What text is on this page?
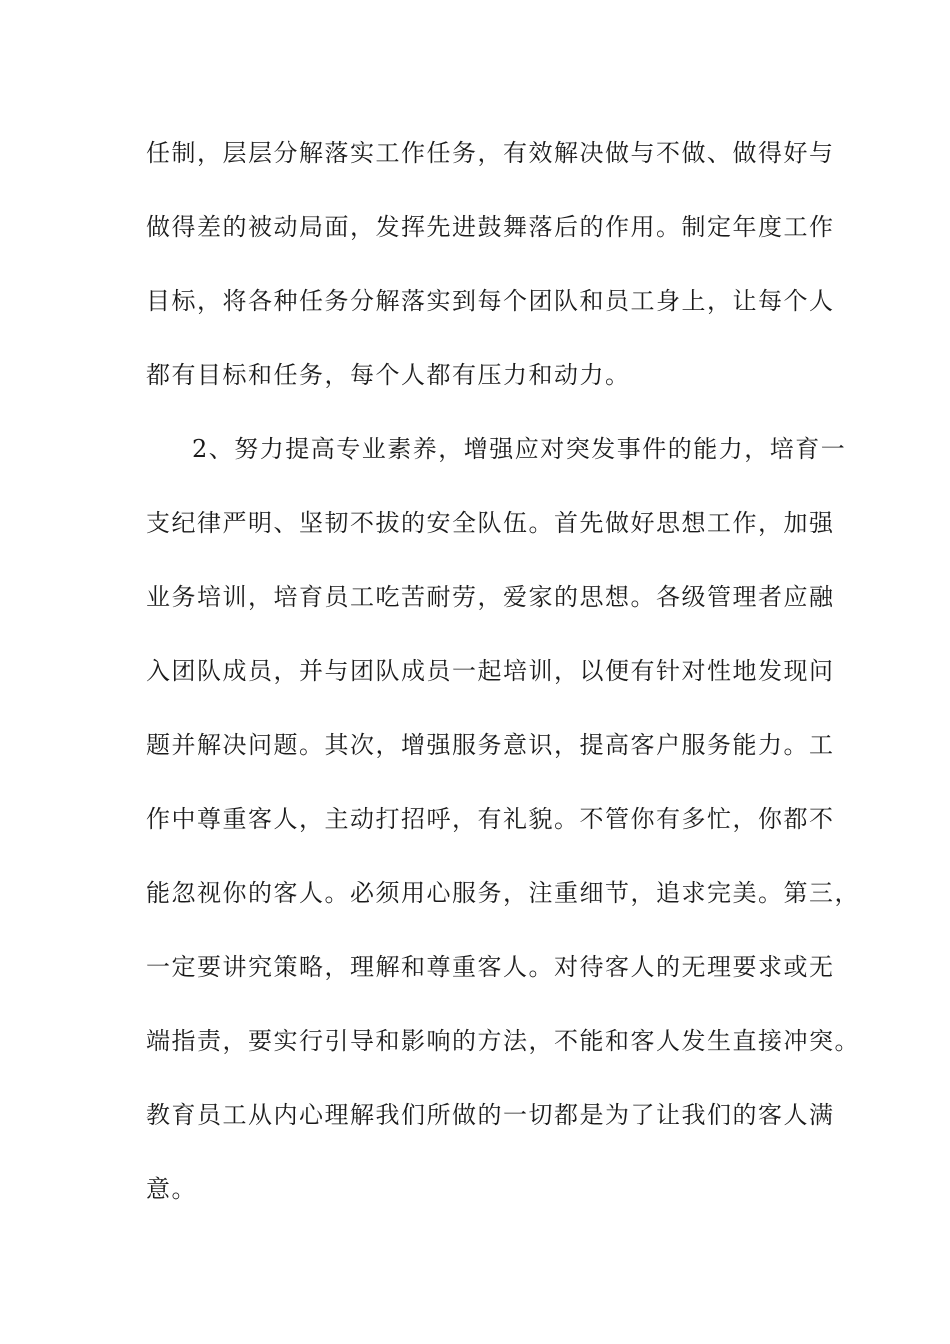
任制，层层分解落实工作任务，有效解决做与不做、做得好与
做得差的被动局面，发挥先进鼓舞落后的作用。制定年度工作
目标，将各种任务分解落实到每个团队和员工身上，让每个人
都有目标和任务，每个人都有压力和动力。
2、努力提高专业素养，增强应对突发事件的能力，培育一
支纪律严明、坚韧不拔的安全队伍。首先做好思想工作，加强
业务培训，培育员工吃苦耐劳，爱家的思想。各级管理者应融
入团队成员，并与团队成员一起培训，以便有针对性地发现问
题并解决问题。其次，增强服务意识，提高客户服务能力。工
作中尊重客人，主动打招呼，有礼貌。不管你有多忙，你都不
能忽视你的客人。必须用心服务，注重细节，追求完美。第三，
一定要讲究策略，理解和尊重客人。对待客人的无理要求或无
端指责，要实行引导和影响的方法，不能和客人发生直接冲突。
教育员工从内心理解我们所做的一切都是为了让我们的客人满
意。
